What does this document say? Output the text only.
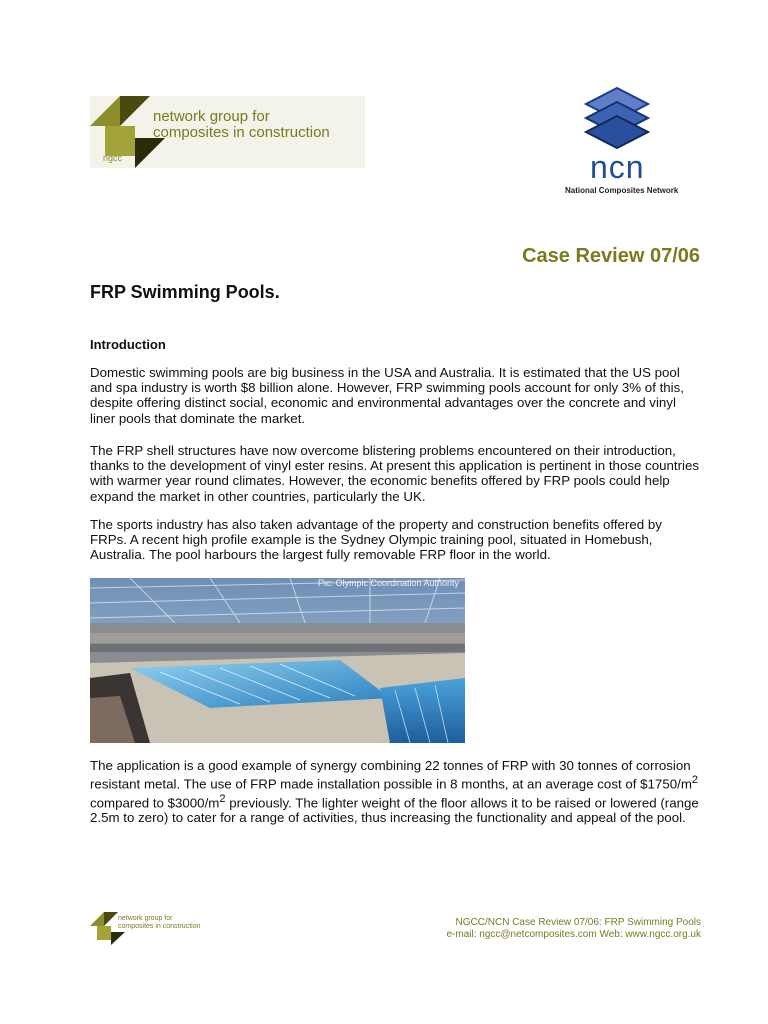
network group for
composites in construction
ngcc	ncn
National Composites Network
Case Review 07/06
FRP Swimming Pools.
Introduction
Domestic swimming pools are big business in the USA and Australia. It is estimated that the US pool and spa industry is worth $8 billion alone. However, FRP swimming pools account for only 3% of this, despite offering distinct social, economic and environmental advantages over the concrete and vinyl liner pools that dominate the market.
The FRP shell structures have now overcome blistering problems encountered on their introduction, thanks to the development of vinyl ester resins. At present this application is pertinent in those countries with warmer year round climates. However, the economic benefits offered by FRP pools could help expand the market in other countries, particularly the UK.
The sports industry has also taken advantage of the property and construction benefits offered by FRPs. A recent high profile example is the Sydney Olympic training pool, situated in Homebush, Australia. The pool harbours the largest fully removable FRP floor in the world.
Pic: Olympic Coordination Authority
The application is a good example of synergy combining 22 tonnes of FRP with 30 tonnes of corrosion resistant metal. The use of FRP made installation possible in 8 months, at an average cost of $\$1750/m^2$ compared to $\$3000/m^2$ previously. The lighter weight of the floor allows it to be raised or lowered (range 2.5m to zero) to cater for a range of activities, thus increasing the functionality and appeal of the pool.
network group for
composites in construction	NGCC/NCN Case Review 07/06: FRP Swimming Pools
e-mail: ngcc@netcomposites.com Web: www.ngcc.org.uk
